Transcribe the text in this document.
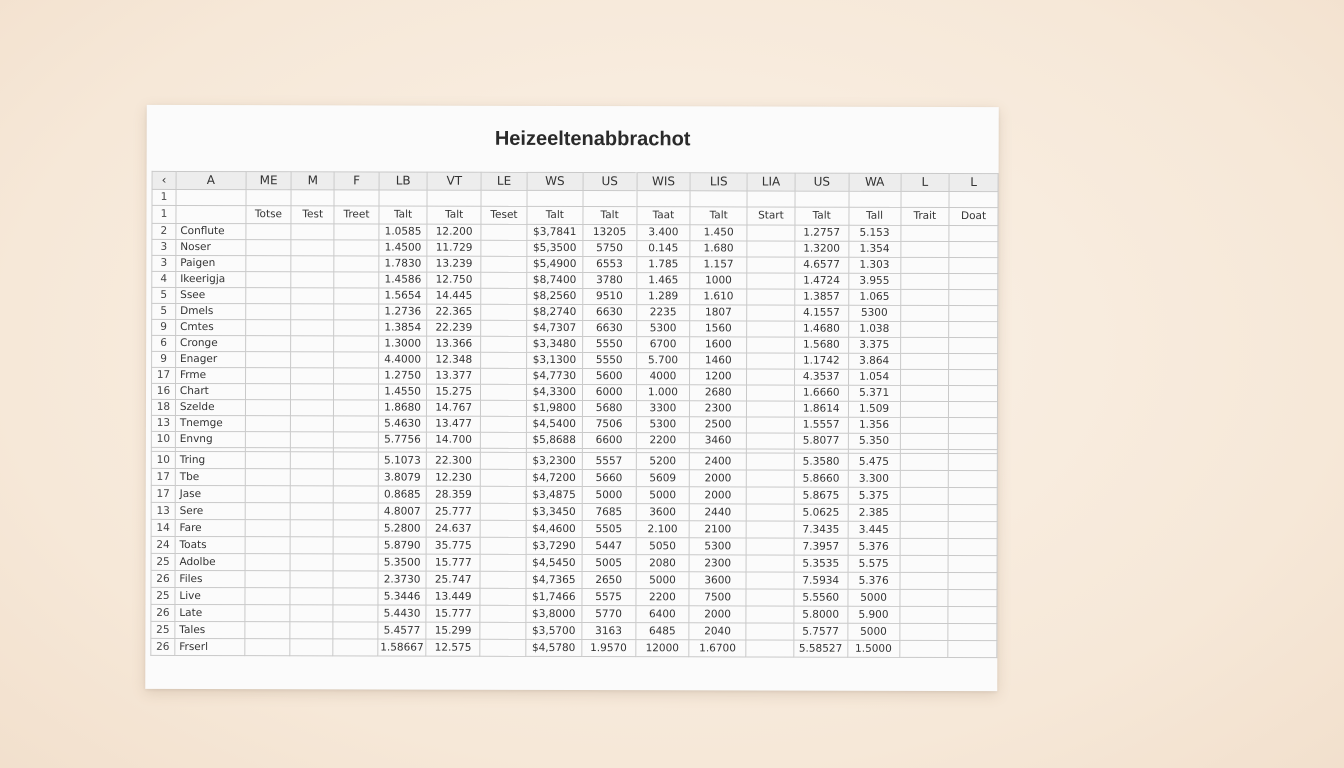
Heizeeltenabbrachot
‹	A	ME	M	F	LB	VT	LE	WS	US	WIS	LIS	LIA	US	WA	L	L
1																
1		Totse	Test	Treet	Talt	Talt	Teset	Talt	Talt	Taat	Talt	Start	Talt	Tall	Trait	Doat
2	Conflute				1.0585	12.200		$3,7841	13205	3.400	1.450		1.2757	5.153		
3	Noser				1.4500	11.729		$5,3500	5750	0.145	1.680		1.3200	1.354		
3	Paigen				1.7830	13.239		$5,4900	6553	1.785	1.157		4.6577	1.303		
4	Ikeerigja				1.4586	12.750		$8,7400	3780	1.465	1000		1.4724	3.955		
5	Ssee				1.5654	14.445		$8,2560	9510	1.289	1.610		1.3857	1.065		
5	Dmels				1.2736	22.365		$8,2740	6630	2235	1807		4.1557	5300		
9	Cmtes				1.3854	22.239		$4,7307	6630	5300	1560		1.4680	1.038		
6	Cronge				1.3000	13.366		$3,3480	5550	6700	1600		1.5680	3.375		
9	Enager				4.4000	12.348		$3,1300	5550	5.700	1460		1.1742	3.864		
17	Frme				1.2750	13.377		$4,7730	5600	4000	1200		4.3537	1.054		
16	Chart				1.4550	15.275		$4,3300	6000	1.000	2680		1.6660	5.371		
18	Szelde				1.8680	14.767		$1,9800	5680	3300	2300		1.8614	1.509		
13	Tnemge				5.4630	13.477		$4,5400	7506	5300	2500		1.5557	1.356		
10	Envng				5.7756	14.700		$5,8688	6600	2200	3460		5.8077	5.350		

10	Tring				5.1073	22.300		$3,2300	5557	5200	2400		5.3580	5.475		
17	Tbe				3.8079	12.230		$4,7200	5660	5609	2000		5.8660	3.300		
17	Jase				0.8685	28.359		$3,4875	5000	5000	2000		5.8675	5.375		
13	Sere				4.8007	25.777		$3,3450	7685	3600	2440		5.0625	2.385		
14	Fare				5.2800	24.637		$4,4600	5505	2.100	2100		7.3435	3.445		
24	Toats				5.8790	35.775		$3,7290	5447	5050	5300		7.3957	5.376		
25	Adolbe				5.3500	15.777		$4,5450	5005	2080	2300		5.3535	5.575		
26	Files				2.3730	25.747		$4,7365	2650	5000	3600		7.5934	5.376		
25	Live				5.3446	13.449		$1,7466	5575	2200	7500		5.5560	5000		
26	Late				5.4430	15.777		$3,8000	5770	6400	2000		5.8000	5.900		
25	Tales				5.4577	15.299		$3,5700	3163	6485	2040		5.7577	5000		
26	Frserl				1.58667	12.575		$4,5780	1.9570	12000	1.6700		5.58527	1.5000		
